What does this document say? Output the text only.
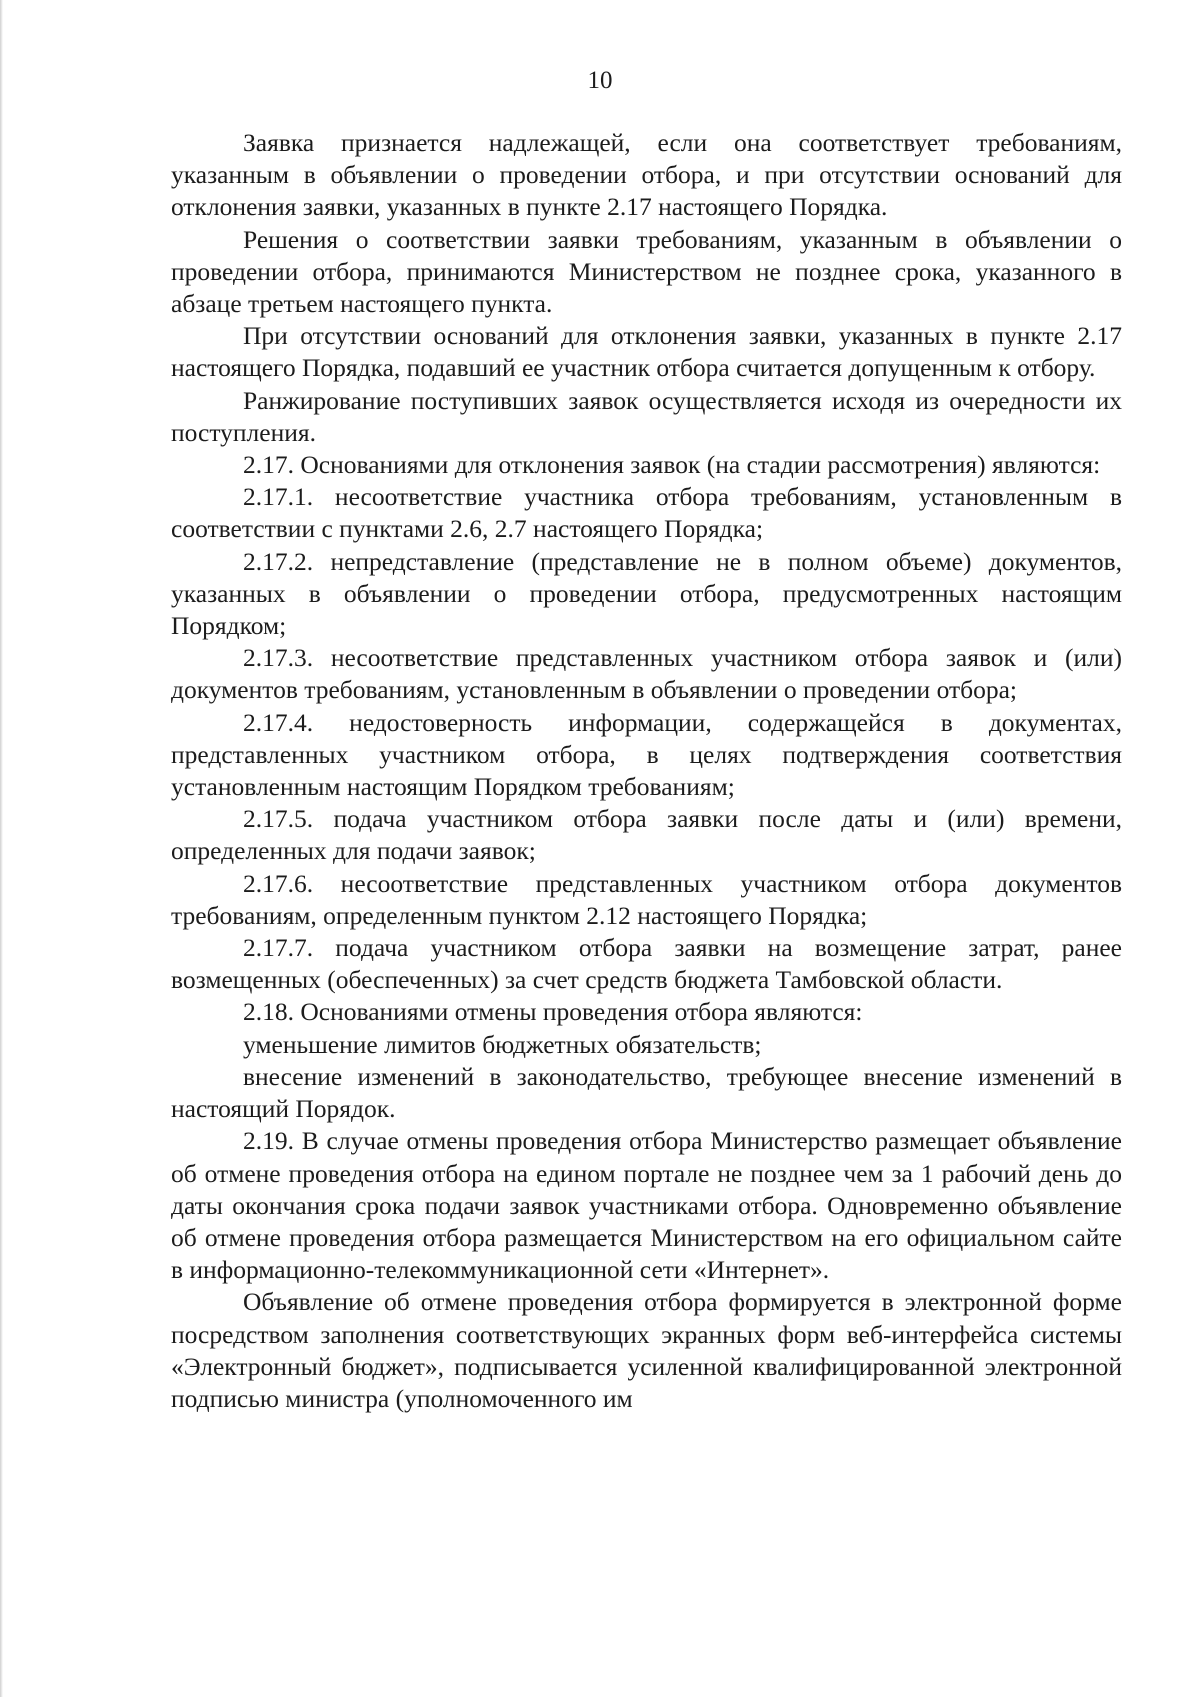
10

Заявка признается надлежащей, если она соответствует требованиям, указанным в объявлении о проведении отбора, и при отсутствии оснований для отклонения заявки, указанных в пункте 2.17 настоящего Порядка.

Решения о соответствии заявки требованиям, указанным в объявлении о проведении отбора, принимаются Министерством не позднее срока, указанного в абзаце третьем настоящего пункта.

При отсутствии оснований для отклонения заявки, указанных в пункте 2.17 настоящего Порядка, подавший ее участник отбора считается допущенным к отбору.

Ранжирование поступивших заявок осуществляется исходя из очередности их поступления.

2.17. Основаниями для отклонения заявок (на стадии рассмотрения) являются:

2.17.1. несоответствие участника отбора требованиям, установленным в соответствии с пунктами 2.6, 2.7 настоящего Порядка;

2.17.2. непредставление (представление не в полном объеме) документов, указанных в объявлении о проведении отбора, предусмотренных настоящим Порядком;

2.17.3. несоответствие представленных участником отбора заявок и (или) документов требованиям, установленным в объявлении о проведении отбора;

2.17.4. недостоверность информации, содержащейся в документах, представленных участником отбора, в целях подтверждения соответствия установленным настоящим Порядком требованиям;

2.17.5. подача участником отбора заявки после даты и (или) времени, определенных для подачи заявок;

2.17.6. несоответствие представленных участником отбора документов требованиям, определенным пунктом 2.12 настоящего Порядка;

2.17.7. подача участником отбора заявки на возмещение затрат, ранее возмещенных (обеспеченных) за счет средств бюджета Тамбовской области.

2.18. Основаниями отмены проведения отбора являются:

уменьшение лимитов бюджетных обязательств;

внесение изменений в законодательство, требующее внесение изменений в настоящий Порядок.

2.19. В случае отмены проведения отбора Министерство размещает объявление об отмене проведения отбора на едином портале не позднее чем за 1 рабочий день до даты окончания срока подачи заявок участниками отбора. Одновременно объявление об отмене проведения отбора размещается Министерством на его официальном сайте в информационно-телекоммуникационной сети «Интернет».

Объявление об отмене проведения отбора формируется в электронной форме посредством заполнения соответствующих экранных форм веб-интерфейса системы «Электронный бюджет», подписывается усиленной квалифицированной электронной подписью министра (уполномоченного им
